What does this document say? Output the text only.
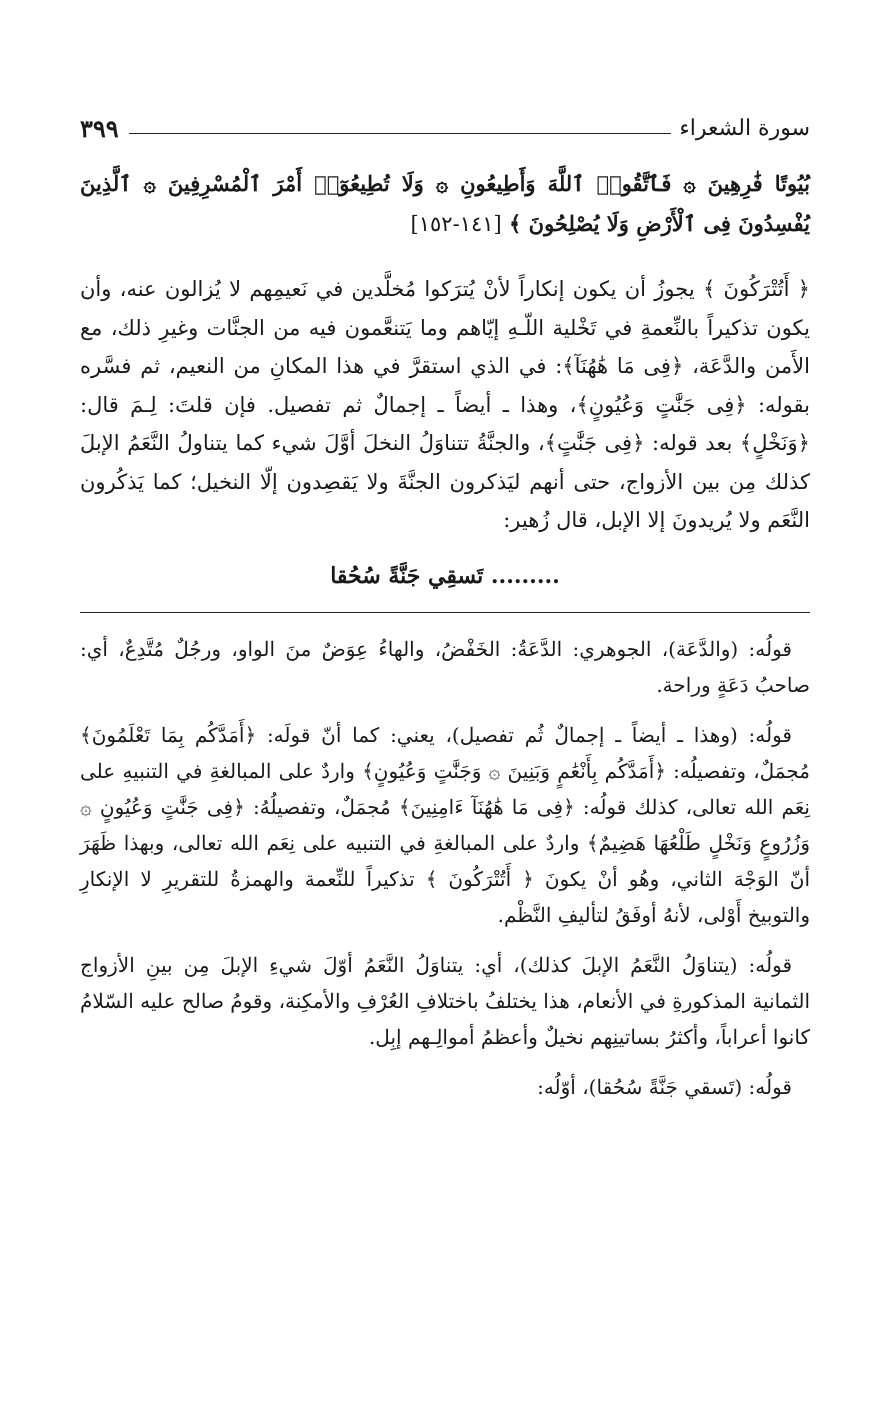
سورة الشعراء
٣٩٩

بُيُوتًا فَٰرِهِينَ ۞ فَٱتَّقُوا۟ ٱللَّهَ وَأَطِيعُونِ ۞ وَلَا تُطِيعُوٓا۟ أَمْرَ ٱلْمُسْرِفِينَ ۞ ٱلَّذِينَ يُفْسِدُونَ فِى ٱلْأَرْضِ وَلَا يُصْلِحُونَ ﴾ [١٤١-١٥٢]

﴿ أَتُتْرَكُونَ ﴾ يجوزُ أن يكون إنكاراً لأنْ يُترَكوا مُخلَّدين في نَعيمِهم لا يُزالون عنه، وأن يكون تذكيراً بالنِّعمةِ في تَخْلية اللّـهِ إيّاهم وما يَتنعَّمون فيه من الجنَّات وغيرِ ذلك، مع الأَمن والدَّعَة، ﴿فِى مَا هَٰهُنَآ﴾: في الذي استقرَّ في هذا المكانِ من النعيم، ثم فسَّره بقوله: ﴿فِى جَنَّٰتٍ وَعُيُونٍ﴾، وهذا ـ أيضاً ـ إجمالٌ ثم تفصيل. فإن قلتَ: لِـمَ قال: ﴿وَنَخْلٍ﴾ بعد قوله: ﴿فِى جَنَّٰتٍ﴾، والجنَّةُ تتناوَلُ النخلَ أوَّلَ شيء كما يتناولُ النَّعَمُ الإبلَ كذلك مِن بين الأزواج، حتى أنهم ليَذكرون الجنَّةَ ولا يَقصِدون إلّا النخيل؛ كما يَذكُرون النَّعَم ولا يُريدونَ إلا الإبل، قال زُهير:

......... تَسقِي جَنَّةً سُحُقا

قولُه: (والدَّعَة)، الجوهري: الدَّعَةُ: الخَفْضُ، والهاءُ عِوَضٌ منَ الواو، ورجُلٌ مُتَّدِعٌ، أي: صاحبُ دَعَةٍ وراحة.

قولُه: (وهذا ـ أيضاً ـ إجمالٌ ثُم تفصيل)، يعني: كما أنّ قولَه: ﴿أَمَدَّكُم بِمَا تَعْلَمُونَ﴾ مُجمَلٌ، وتفصيلُه: ﴿أَمَدَّكُم بِأَنْعَٰمٍ وَبَنِينَ ۞ وَجَنَّٰتٍ وَعُيُونٍ﴾ واردٌ على المبالغةِ في التنبيهِ على نِعَم الله تعالى، كذلك قولُه: ﴿فِى مَا هَٰهُنَآ ءَامِنِينَ﴾ مُجمَلٌ، وتفصيلُهُ: ﴿فِى جَنَّٰتٍ وَعُيُونٍ ۞ وَزُرُوعٍ وَنَخْلٍ طَلْعُهَا هَضِيمٌ﴾ واردٌ على المبالغةِ في التنبيه على نِعَم الله تعالى، وبهذا ظَهَرَ أنّ الوَجْهَ الثاني، وهُو أنْ يكونَ ﴿ أَتُتْرَكُونَ ﴾ تذكيراً للنِّعمة والهمزةُ للتقريرِ لا الإنكارِ والتوبيخ أَوْلى، لأنهُ أوفَقُ لتأليفِ النَّظْم.

قولُه: (يتناوَلُ النَّعَمُ الإبلَ كذلك)، أي: يتناوَلُ النَّعَمُ أوّلَ شيءِ الإبلَ مِن بينِ الأزواج الثمانية المذكورةِ في الأنعام، هذا يختلفُ باختلافِ العُرْفِ والأمكِنة، وقومُ صالح عليه السّلامُ كانوا أعراباً، وأكثرُ بساتينِهم نخيلٌ وأعظمُ أموالِـهم إبِل.

قولُه: (تَسقي جَنَّةً سُحُقا)، أوّلُه:
